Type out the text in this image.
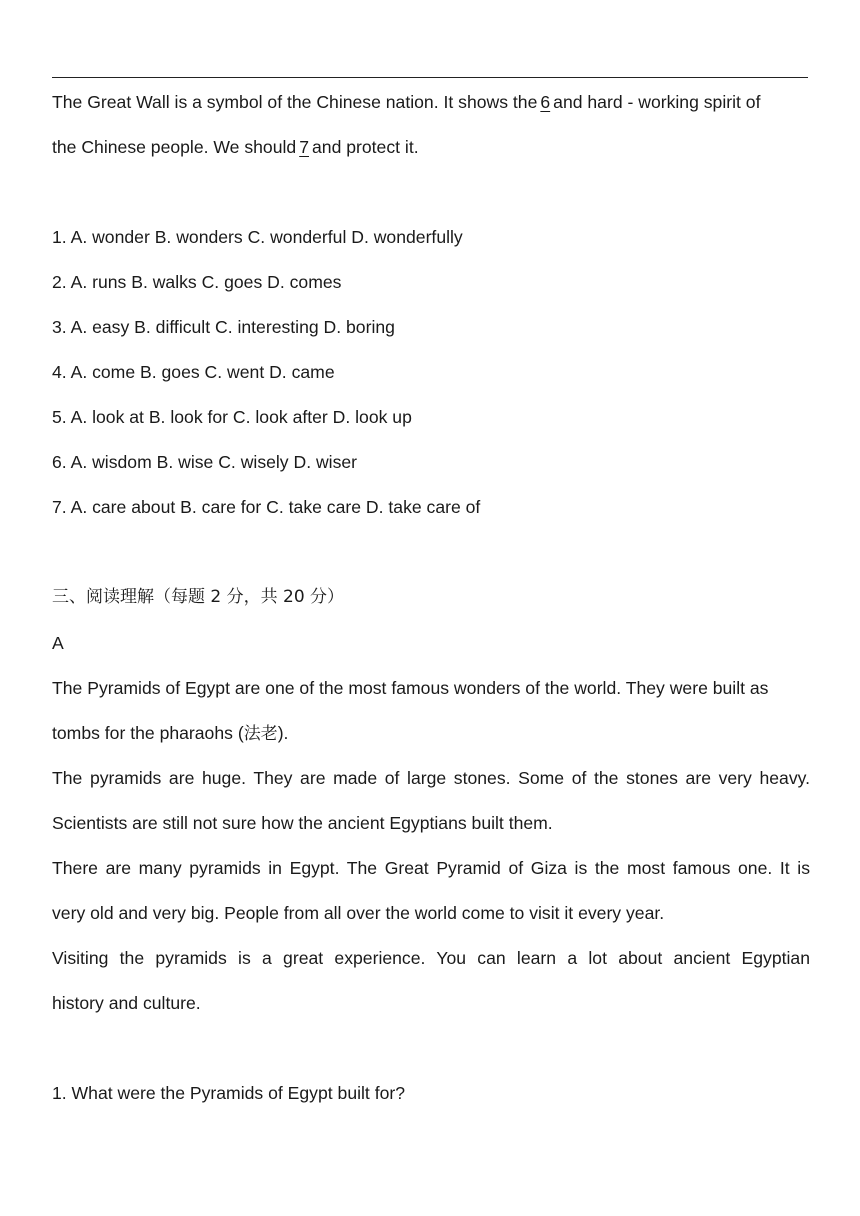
The Great Wall is a symbol of the Chinese nation. It shows the 6 and hard - working spirit of
the Chinese people. We should 7 and protect it.
1. A. wonder B. wonders C. wonderful D. wonderfully
2. A. runs B. walks C. goes D. comes
3. A. easy B. difficult C. interesting D. boring
4. A. come B. goes C. went D. came
5. A. look at B. look for C. look after D. look up
6. A. wisdom B. wise C. wisely D. wiser
7. A. care about B. care for C. take care D. take care of
三、阅读理解（每题 2 分，共 20 分）
A
The Pyramids of Egypt are one of the most famous wonders of the world. They were built as
tombs for the pharaohs (法老).
The pyramids are huge. They are made of large stones. Some of the stones are very heavy.
Scientists are still not sure how the ancient Egyptians built them.
There are many pyramids in Egypt. The Great Pyramid of Giza is the most famous one. It is
very old and very big. People from all over the world come to visit it every year.
Visiting the pyramids is a great experience. You can learn a lot about ancient Egyptian
history and culture.
1. What were the Pyramids of Egypt built for?
